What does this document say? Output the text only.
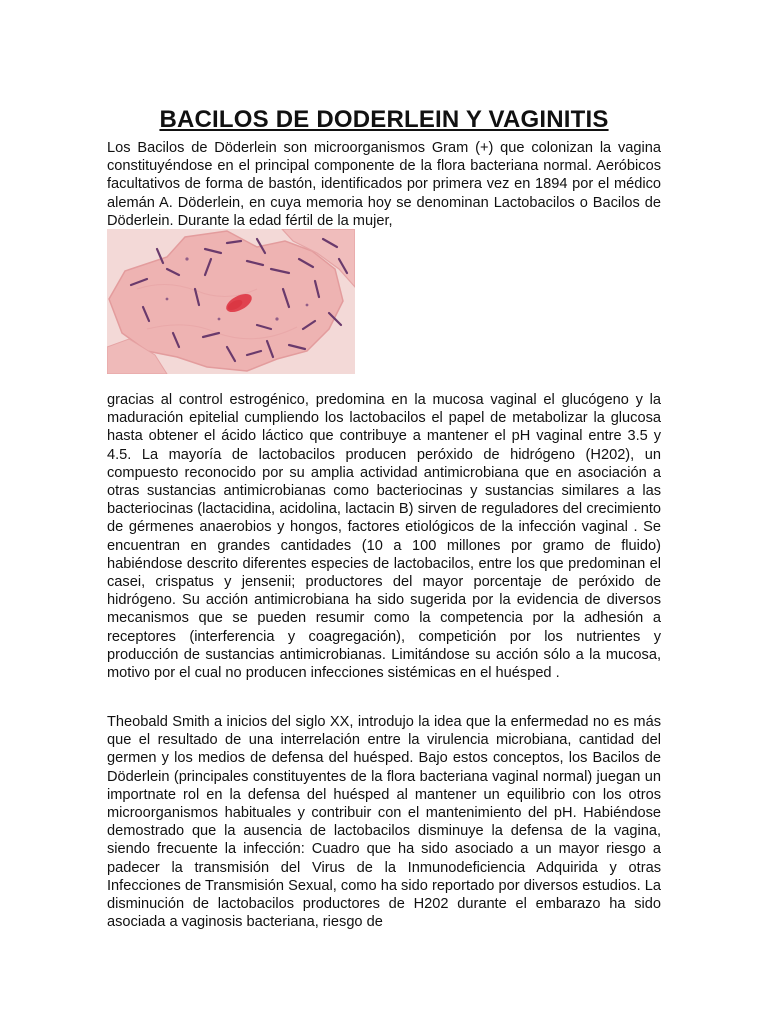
BACILOS DE DODERLEIN Y VAGINITIS

Los Bacilos de Döderlein son microorganismos Gram (+) que colonizan la vagina constituyéndose en el principal componente de la flora bacteriana normal. Aeróbicos facultativos de forma de bastón, identificados por primera vez en 1894 por el médico alemán A. Döderlein, en cuya memoria hoy se denominan Lactobacilos o Bacilos de Döderlein. Durante la edad fértil de la mujer,

gracias al control estrogénico, predomina en la mucosa vaginal el glucógeno y la maduración epitelial cumpliendo los lactobacilos el papel de metabolizar la glucosa hasta obtener el ácido láctico que contribuye a mantener el pH vaginal entre 3.5 y 4.5. La mayoría de lactobacilos producen peróxido de hidrógeno (H202), un compuesto reconocido por su amplia actividad antimicrobiana que en asociación a otras sustancias antimicrobianas como bacteriocinas y sustancias similares a las bacteriocinas (lactacidina, acidolina, lactacin B) sirven de reguladores del crecimiento de gérmenes anaerobios y hongos, factores etiológicos de la infección vaginal . Se encuentran en grandes cantidades (10 a 100 millones por gramo de fluido) habiéndose descrito diferentes especies de lactobacilos, entre los que predominan el casei, crispatus y jensenii; productores del mayor porcentaje de peróxido de hidrógeno. Su acción antimicrobiana ha sido sugerida por la evidencia de diversos mecanismos que se pueden resumir como la competencia por la adhesión a receptores (interferencia y coagregación), competición por los nutrientes y producción de sustancias antimicrobianas. Limitándose su acción sólo a la mucosa, motivo por el cual no producen infecciones sistémicas en el huésped .

Theobald Smith a inicios del siglo XX, introdujo la idea que la enfermedad no es más que el resultado de una interrelación entre la virulencia microbiana, cantidad del germen y los medios de defensa del huésped. Bajo estos conceptos, los Bacilos de Döderlein (principales constituyentes de la flora bacteriana vaginal normal) juegan un importnate rol en la defensa del huésped al mantener un equilibrio con los otros microorganismos habituales y contribuir con el mantenimiento del pH. Habiéndose demostrado que la ausencia de lactobacilos disminuye la defensa de la vagina, siendo frecuente la infección: Cuadro que ha sido asociado a un mayor riesgo a padecer la transmisión del Virus de la Inmunodeficiencia Adquirida y otras Infecciones de Transmisión Sexual, como ha sido reportado por diversos estudios. La disminución de lactobacilos productores de H202 durante el embarazo ha sido asociada a vaginosis bacteriana, riesgo de
